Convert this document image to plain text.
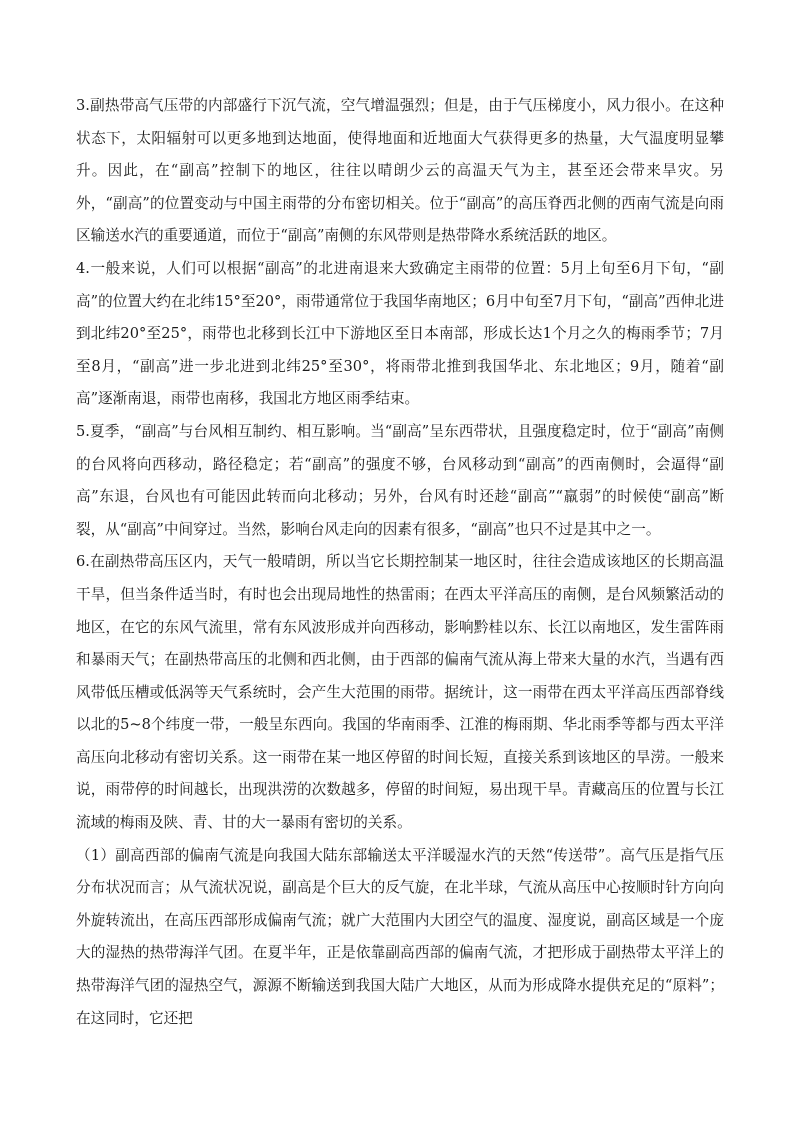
3.副热带高气压带的内部盛行下沉气流，空气增温强烈；但是，由于气压梯度小，风力很小。在这种状态下，太阳辐射可以更多地到达地面，使得地面和近地面大气获得更多的热量，大气温度明显攀升。因此，在“副高”控制下的地区，往往以晴朗少云的高温天气为主，甚至还会带来旱灾。另外，“副高”的位置变动与中国主雨带的分布密切相关。位于“副高”的高压脊西北侧的西南气流是向雨区输送水汽的重要通道，而位于“副高”南侧的东风带则是热带降水系统活跃的地区。

4.一般来说，人们可以根据“副高”的北进南退来大致确定主雨带的位置：5月上旬至6月下旬，“副高”的位置大约在北纬15°至20°，雨带通常位于我国华南地区；6月中旬至7月下旬，“副高”西伸北进到北纬20°至25°，雨带也北移到长江中下游地区至日本南部，形成长达1个月之久的梅雨季节；7月至8月，“副高”进一步北进到北纬25°至30°，将雨带北推到我国华北、东北地区；9月，随着“副高”逐渐南退，雨带也南移，我国北方地区雨季结束。

5.夏季，“副高”与台风相互制约、相互影响。当“副高”呈东西带状，且强度稳定时，位于“副高”南侧的台风将向西移动，路径稳定；若“副高”的强度不够，台风移动到“副高”的西南侧时，会逼得“副高”东退，台风也有可能因此转而向北移动；另外，台风有时还趁“副高”“羸弱”的时候使“副高”断裂，从“副高”中间穿过。当然，影响台风走向的因素有很多，“副高”也只不过是其中之一。

6.在副热带高压区内，天气一般晴朗，所以当它长期控制某一地区时，往往会造成该地区的长期高温干旱，但当条件适当时，有时也会出现局地性的热雷雨；在西太平洋高压的南侧，是台风频繁活动的地区，在它的东风气流里，常有东风波形成并向西移动，影响黔桂以东、长江以南地区，发生雷阵雨和暴雨天气；在副热带高压的北侧和西北侧，由于西部的偏南气流从海上带来大量的水汽，当遇有西风带低压槽或低涡等天气系统时，会产生大范围的雨带。据统计，这一雨带在西太平洋高压西部脊线以北的5~8个纬度一带，一般呈东西向。我国的华南雨季、江淮的梅雨期、华北雨季等都与西太平洋高压向北移动有密切关系。这一雨带在某一地区停留的时间长短，直接关系到该地区的旱涝。一般来说，雨带停的时间越长，出现洪涝的次数越多，停留的时间短，易出现干旱。青藏高压的位置与长江流域的梅雨及陕、青、甘的大一暴雨有密切的关系。

（1）副高西部的偏南气流是向我国大陆东部输送太平洋暖湿水汽的天然“传送带”。高气压是指气压分布状况而言；从气流状况说，副高是个巨大的反气旋，在北半球，气流从高压中心按顺时针方向向外旋转流出，在高压西部形成偏南气流；就广大范围内大团空气的温度、湿度说，副高区域是一个庞大的湿热的热带海洋气团。在夏半年，正是依靠副高西部的偏南气流，才把形成于副热带太平洋上的热带海洋气团的湿热空气，源源不断输送到我国大陆广大地区，从而为形成降水提供充足的“原料”；在这同时，它还把
